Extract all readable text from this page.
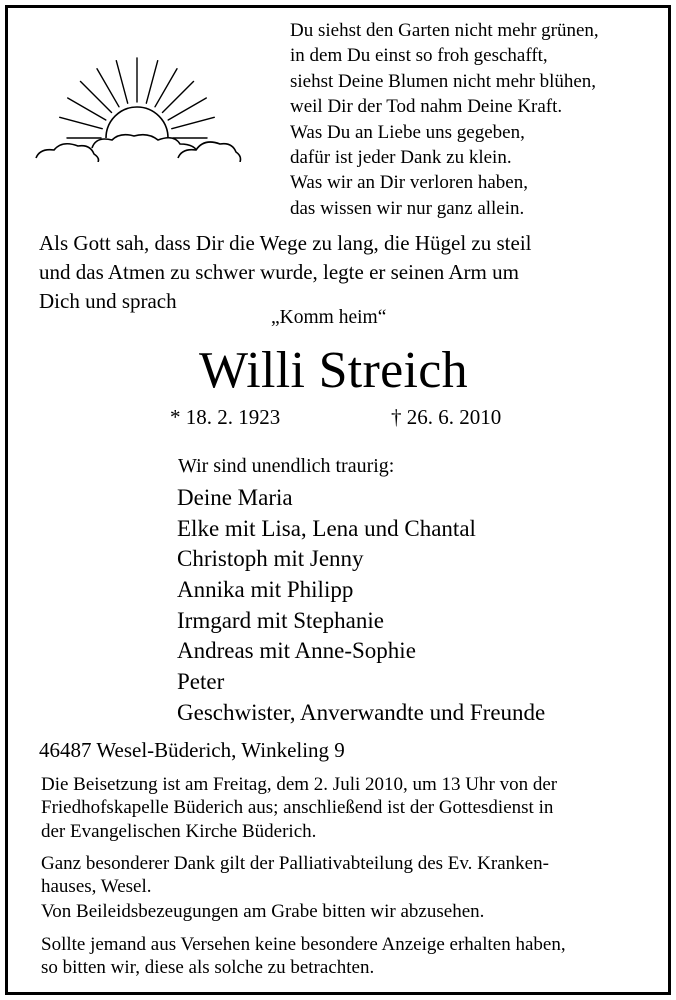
Du siehst den Garten nicht mehr grünen,
in dem Du einst so froh geschafft,
siehst Deine Blumen nicht mehr blühen,
weil Dir der Tod nahm Deine Kraft.
Was Du an Liebe uns gegeben,
dafür ist jeder Dank zu klein.
Was wir an Dir verloren haben,
das wissen wir nur ganz allein.
Als Gott sah, dass Dir die Wege zu lang, die Hügel zu steil
und das Atmen zu schwer wurde, legte er seinen Arm um
Dich und sprach
„Komm heim“
Willi Streich
* 18. 2. 1923	† 26. 6. 2010
Wir sind unendlich traurig:
Deine Maria
Elke mit Lisa, Lena und Chantal
Christoph mit Jenny
Annika mit Philipp
Irmgard mit Stephanie
Andreas mit Anne-Sophie
Peter
Geschwister, Anverwandte und Freunde
46487 Wesel-Büderich, Winkeling 9
Die Beisetzung ist am Freitag, dem 2. Juli 2010, um 13 Uhr von der
Friedhofskapelle Büderich aus; anschließend ist der Gottesdienst in
der Evangelischen Kirche Büderich.
Ganz besonderer Dank gilt der Palliativabteilung des Ev. Kranken-
hauses, Wesel.
Von Beileidsbezeugungen am Grabe bitten wir abzusehen.
Sollte jemand aus Versehen keine besondere Anzeige erhalten haben,
so bitten wir, diese als solche zu betrachten.
